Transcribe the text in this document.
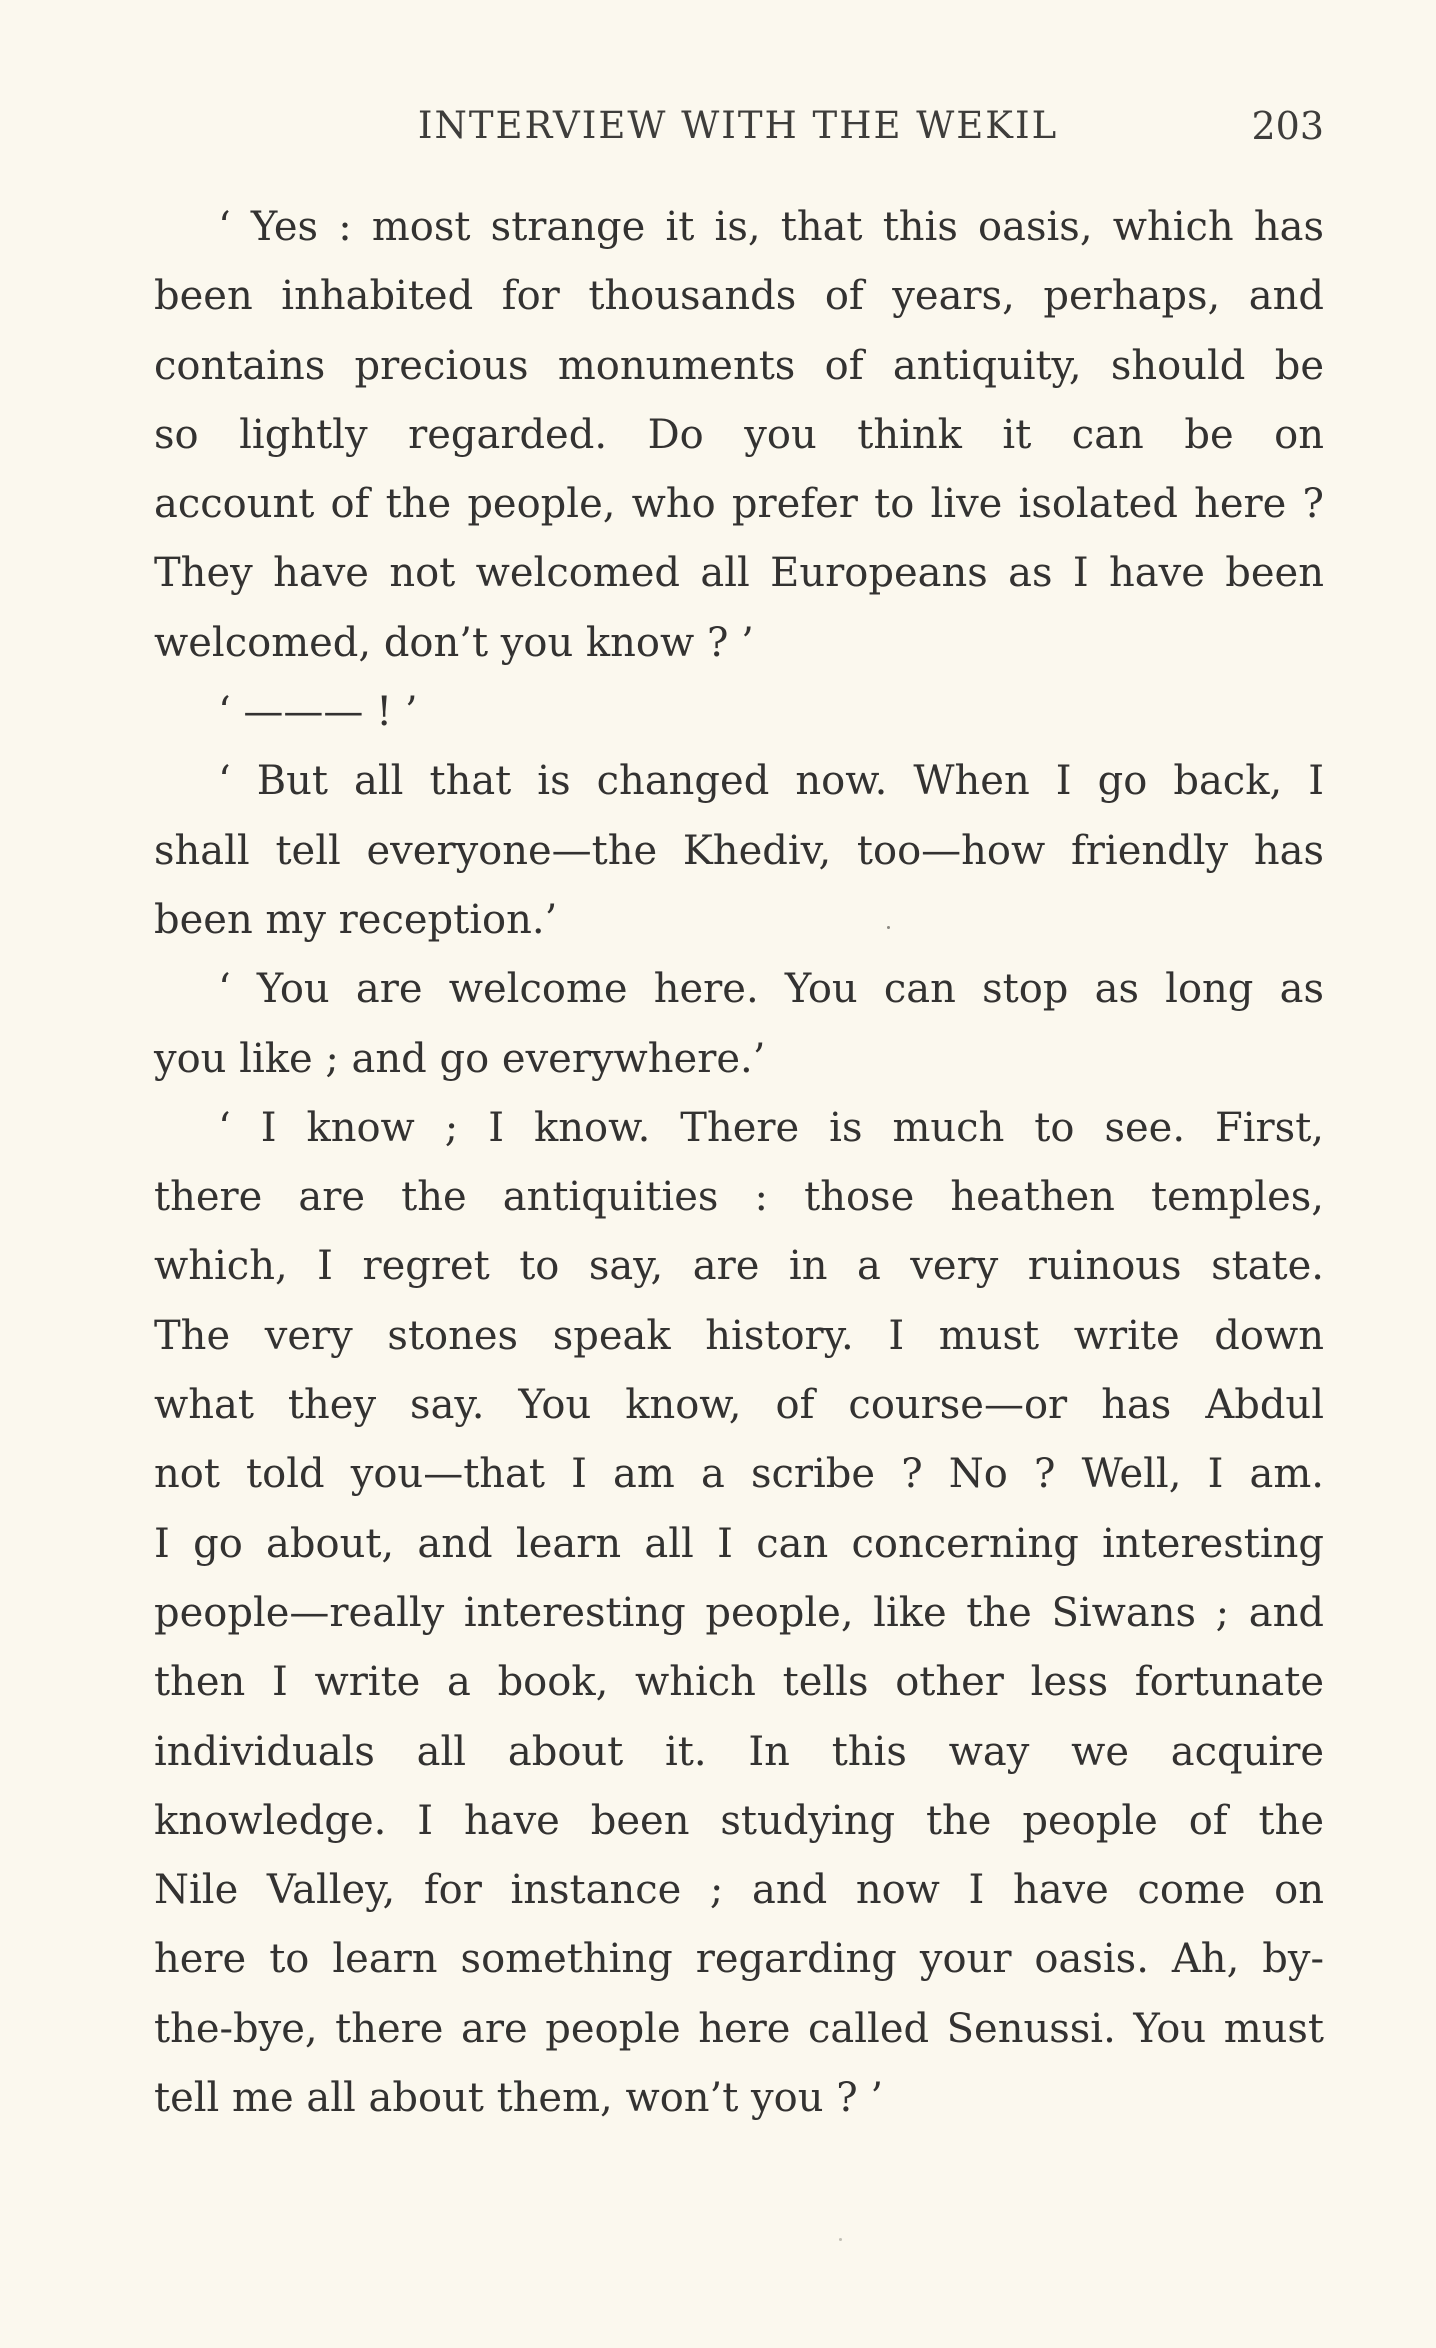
INTERVIEW WITH THE WEKIL	203
‘ Yes : most strange it is, that this oasis, which has
been inhabited for thousands of years, perhaps, and
contains precious monuments of antiquity, should be
so lightly regarded. Do you think it can be on
account of the people, who prefer to live isolated here ?
They have not welcomed all Europeans as I have been
welcomed, don’t you know ? ’
‘ ——— ! ’
‘ But all that is changed now. When I go back, I
shall tell everyone—the Khediv, too—how friendly has
been my reception.’
‘ You are welcome here. You can stop as long as
you like ; and go everywhere.’
‘ I know ; I know. There is much to see. First,
there are the antiquities : those heathen temples,
which, I regret to say, are in a very ruinous state.
The very stones speak history. I must write down
what they say. You know, of course—or has Abdul
not told you—that I am a scribe ? No ? Well, I am.
I go about, and learn all I can concerning interesting
people—really interesting people, like the Siwans ; and
then I write a book, which tells other less fortunate
individuals all about it. In this way we acquire
knowledge. I have been studying the people of the
Nile Valley, for instance ; and now I have come on
here to learn something regarding your oasis. Ah, by-
the-bye, there are people here called Senussi. You must
tell me all about them, won’t you ? ’
